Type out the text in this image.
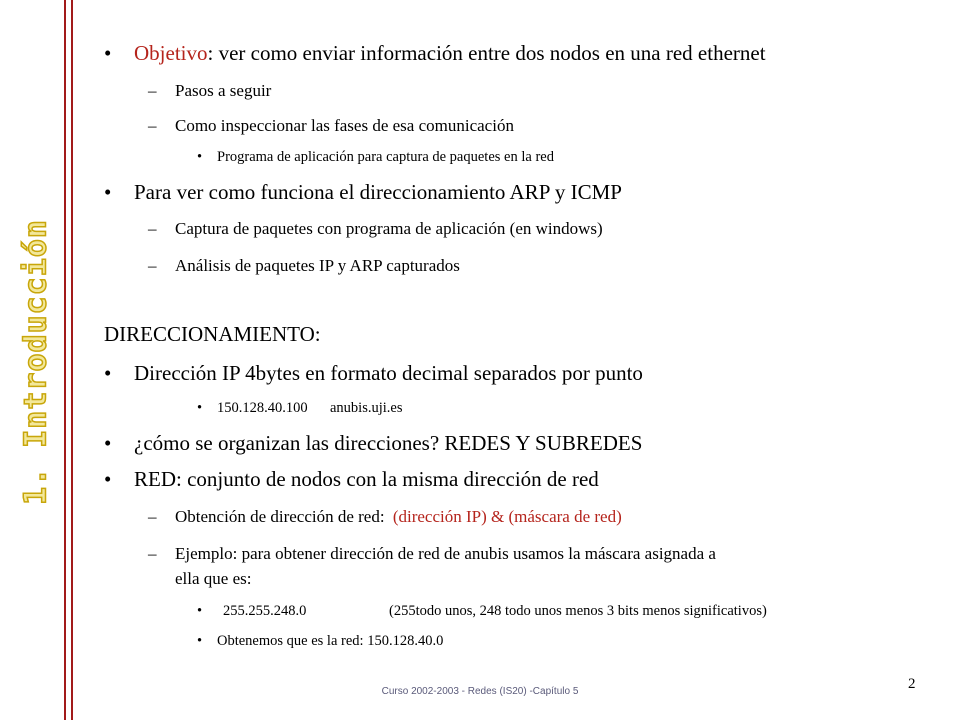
1. Introducción
• Objetivo: ver como enviar información entre dos nodos en una red ethernet
– Pasos a seguir
– Como inspeccionar las fases de esa comunicación
• Programa de aplicación para captura de paquetes en la red
• Para ver como funciona el direccionamiento ARP y ICMP
– Captura de paquetes con programa de aplicación (en windows)
– Análisis de paquetes IP y ARP capturados
DIRECCIONAMIENTO:
• Dirección IP 4bytes en formato decimal separados por punto
• 150.128.40.100 anubis.uji.es
• ¿cómo se organizan las direcciones? REDES Y SUBREDES
• RED: conjunto de nodos con la misma dirección de red
– Obtención de dirección de red: (dirección IP) & (máscara de red)
– Ejemplo: para obtener dirección de red de anubis usamos la máscara asignada a
ella que es:
• 255.255.248.0	(255todo unos, 248 todo unos menos 3 bits menos significativos)
• Obtenemos que es la red: 150.128.40.0
Curso 2002-2003 - Redes (IS20) -Capítulo 5	2
